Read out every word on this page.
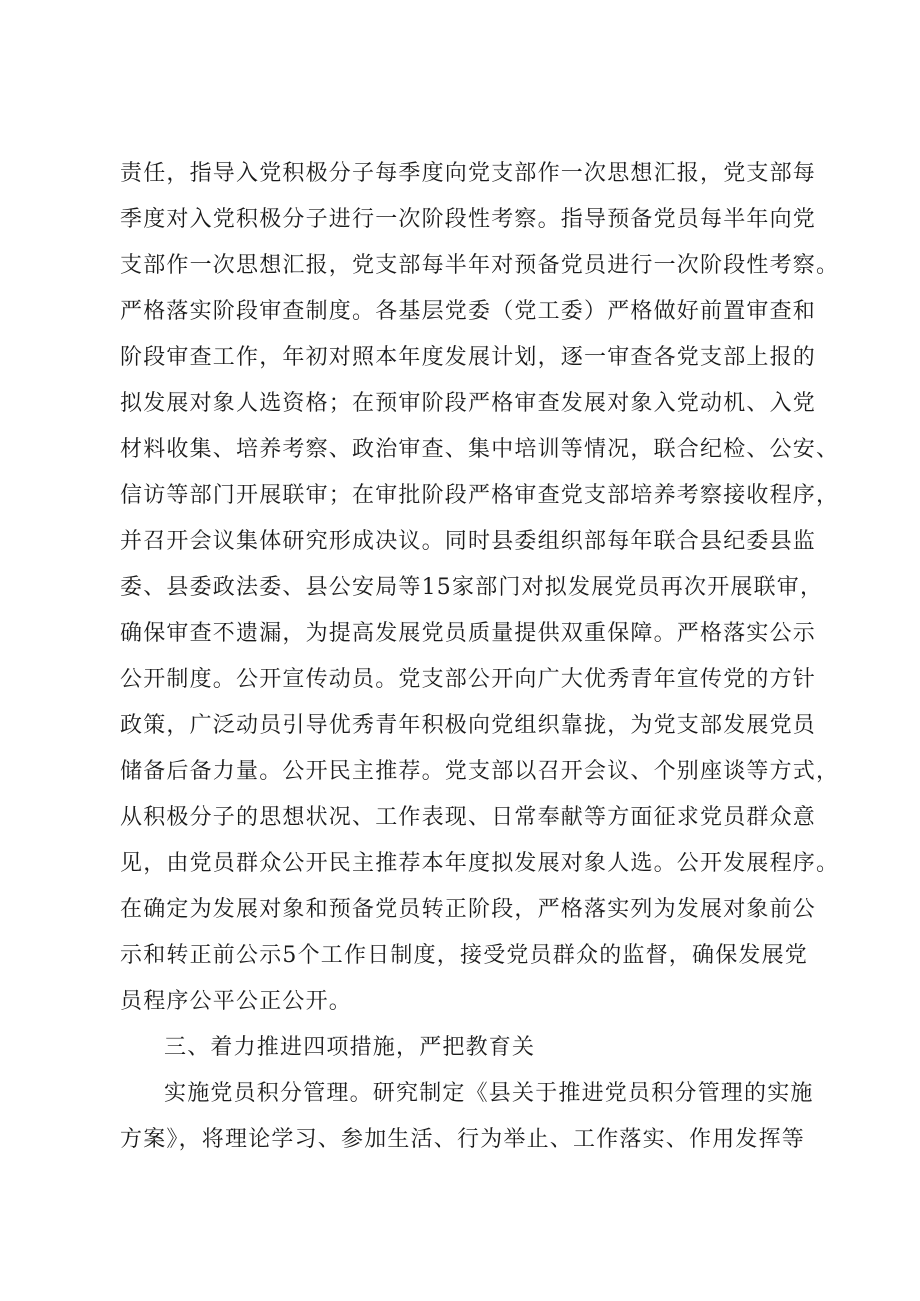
责任，指导入党积极分子每季度向党支部作一次思想汇报，党支部每
季度对入党积极分子进行一次阶段性考察。指导预备党员每半年向党
支部作一次思想汇报，党支部每半年对预备党员进行一次阶段性考察。
严格落实阶段审查制度。各基层党委（党工委）严格做好前置审查和
阶段审查工作，年初对照本年度发展计划，逐一审查各党支部上报的
拟发展对象人选资格；在预审阶段严格审查发展对象入党动机、入党
材料收集、培养考察、政治审查、集中培训等情况，联合纪检、公安、
信访等部门开展联审；在审批阶段严格审查党支部培养考察接收程序，
并召开会议集体研究形成决议。同时县委组织部每年联合县纪委县监
委、县委政法委、县公安局等15家部门对拟发展党员再次开展联审，
确保审查不遗漏，为提高发展党员质量提供双重保障。严格落实公示
公开制度。公开宣传动员。党支部公开向广大优秀青年宣传党的方针
政策，广泛动员引导优秀青年积极向党组织靠拢，为党支部发展党员
储备后备力量。公开民主推荐。党支部以召开会议、个别座谈等方式，
从积极分子的思想状况、工作表现、日常奉献等方面征求党员群众意
见，由党员群众公开民主推荐本年度拟发展对象人选。公开发展程序。
在确定为发展对象和预备党员转正阶段，严格落实列为发展对象前公
示和转正前公示5个工作日制度，接受党员群众的监督，确保发展党
员程序公平公正公开。
三、着力推进四项措施，严把教育关
实施党员积分管理。研究制定《县关于推进党员积分管理的实施
方案》，将理论学习、参加生活、行为举止、工作落实、作用发挥等
